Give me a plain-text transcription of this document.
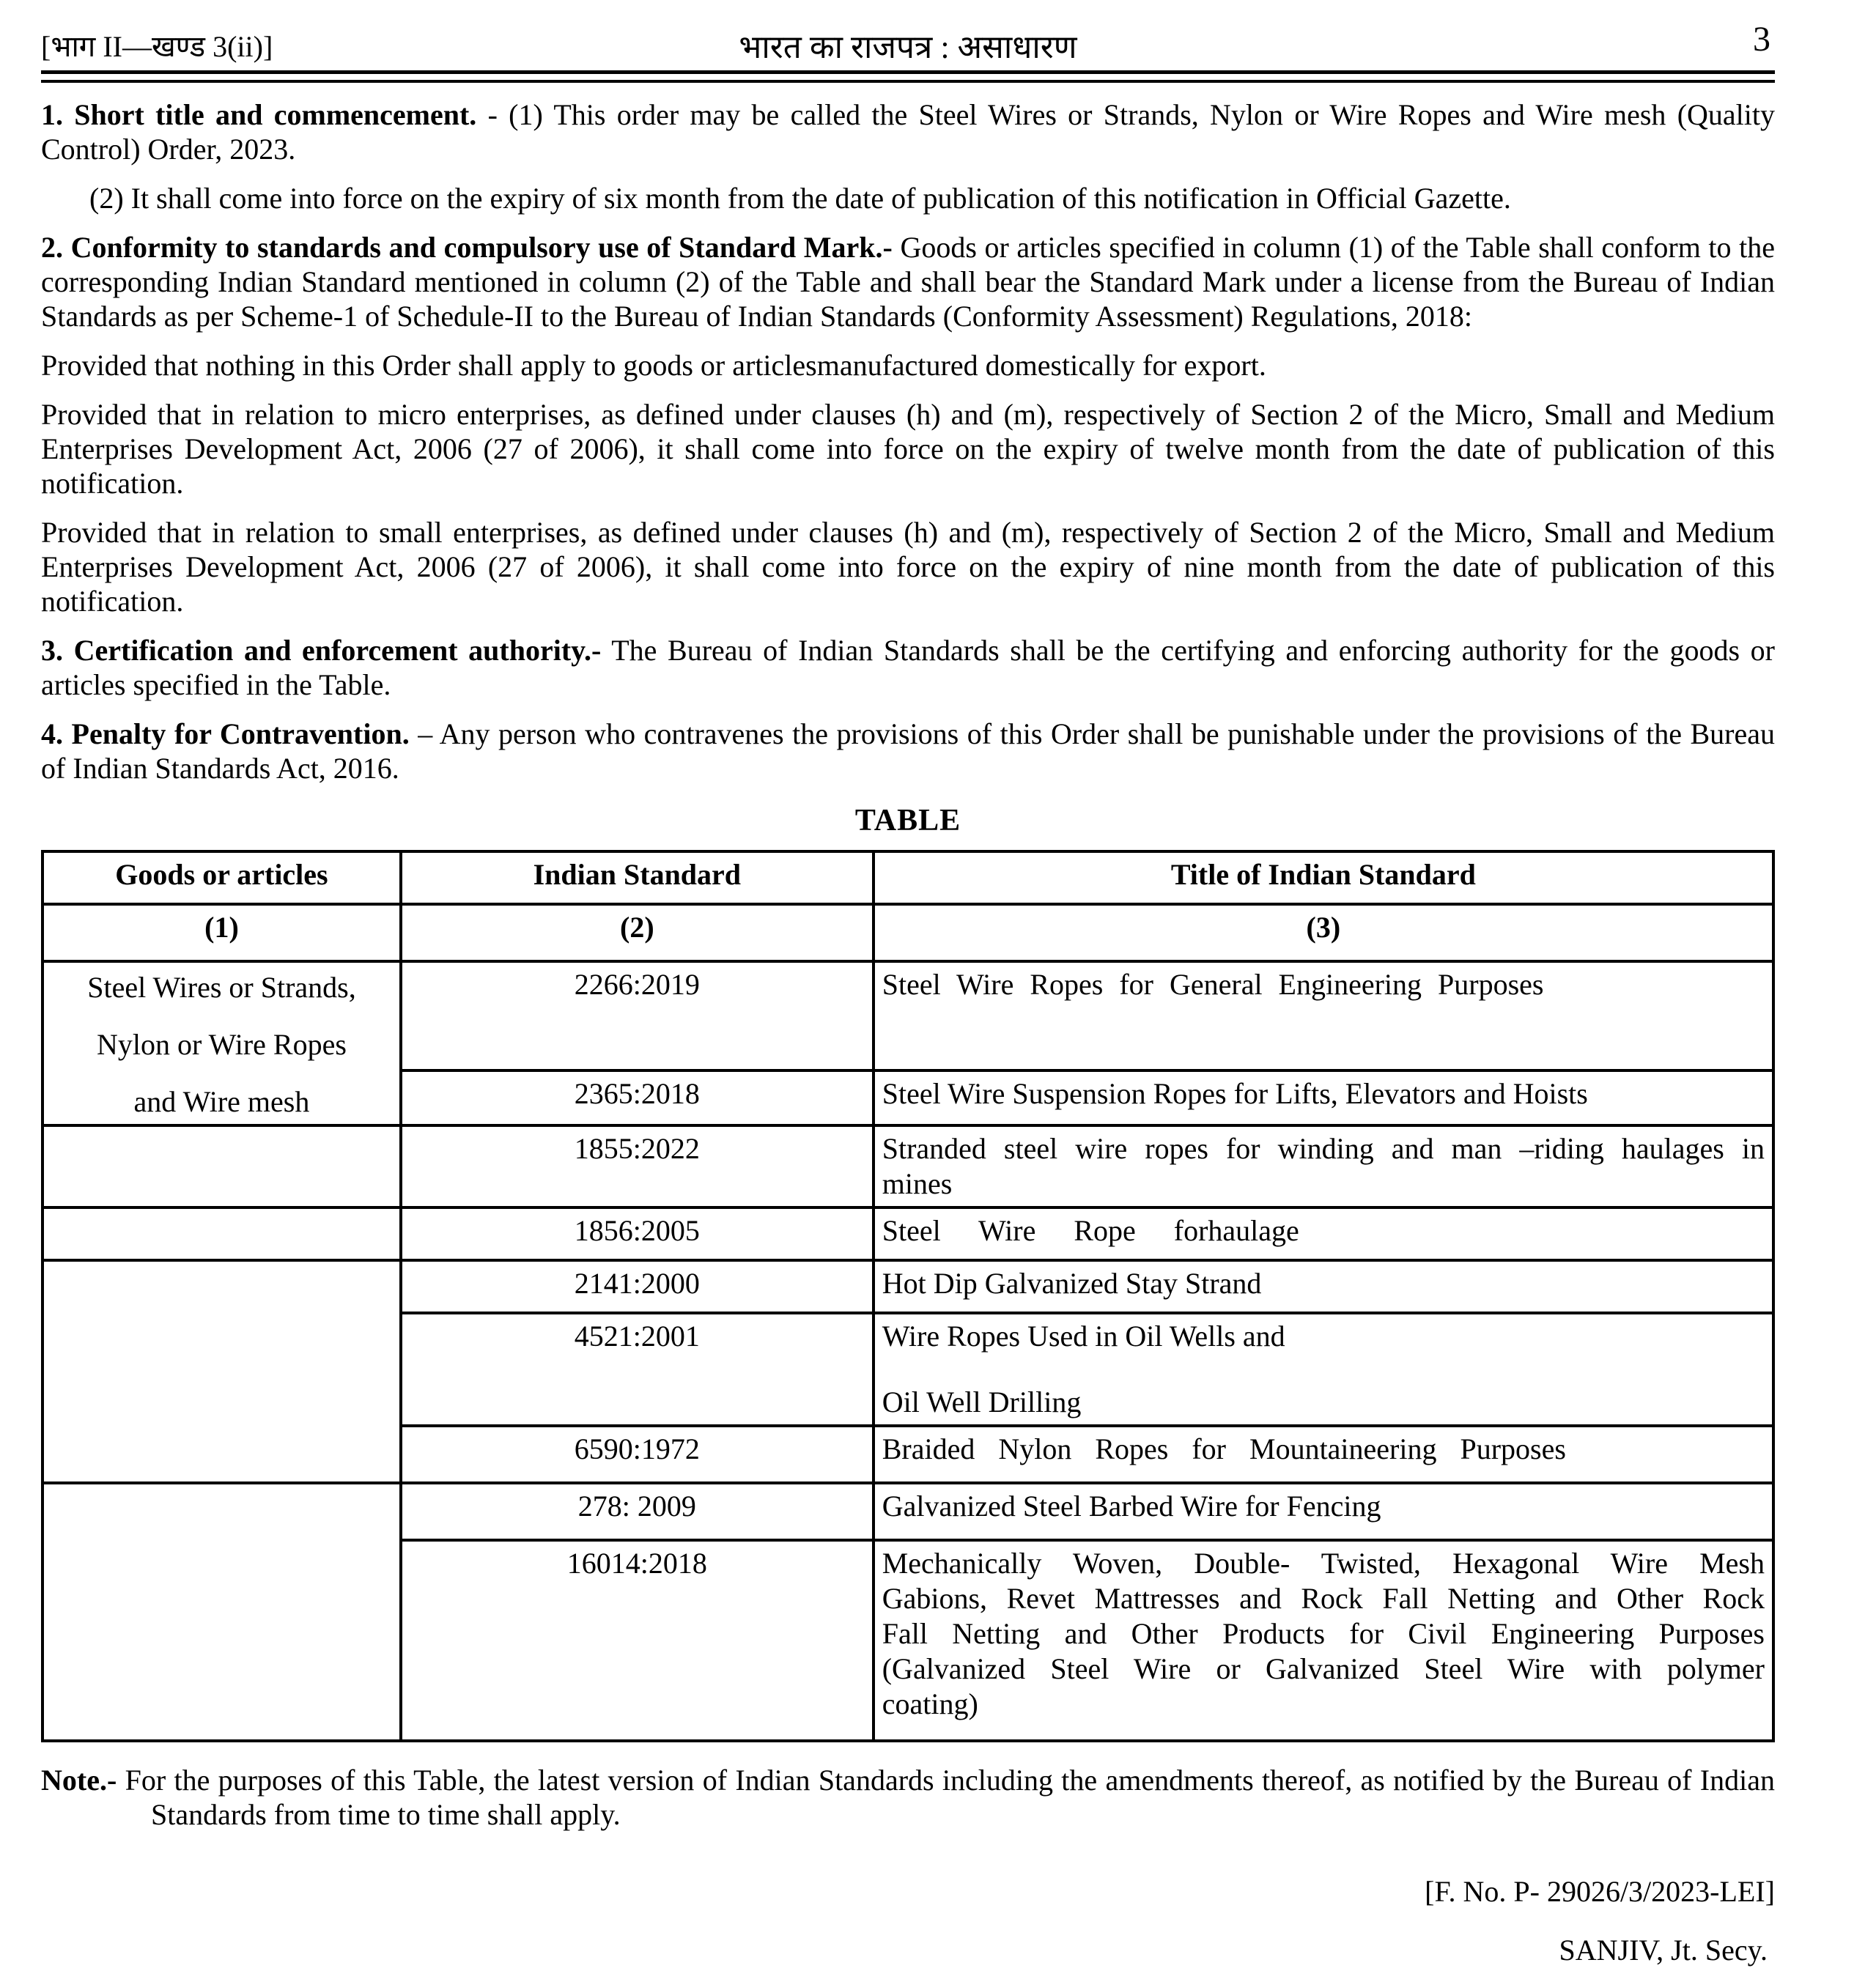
[भाग II—खण्ड 3(ii)]	भारत का राजपत्र : असाधारण	3

1. Short title and commencement. - (1) This order may be called the Steel Wires or Strands, Nylon or Wire Ropes and Wire mesh (Quality Control) Order, 2023.

(2) It shall come into force on the expiry of six month from the date of publication of this notification in Official Gazette.

2. Conformity to standards and compulsory use of Standard Mark.- Goods or articles specified in column (1) of the Table shall conform to the corresponding Indian Standard mentioned in column (2) of the Table and shall bear the Standard Mark under a license from the Bureau of Indian Standards as per Scheme-1 of Schedule-II to the Bureau of Indian Standards (Conformity Assessment) Regulations, 2018:

Provided that nothing in this Order shall apply to goods or articlesmanufactured domestically for export.

Provided that in relation to micro enterprises, as defined under clauses (h) and (m), respectively of Section 2 of the Micro, Small and Medium Enterprises Development Act, 2006 (27 of 2006), it shall come into force on the expiry of twelve month from the date of publication of this notification.

Provided that in relation to small enterprises, as defined under clauses (h) and (m), respectively of Section 2 of the Micro, Small and Medium Enterprises Development Act, 2006 (27 of 2006), it shall come into force on the expiry of nine month from the date of publication of this notification.

3. Certification and enforcement authority.- The Bureau of Indian Standards shall be the certifying and enforcing authority for the goods or articles specified in the Table.

4. Penalty for Contravention. – Any person who contravenes the provisions of this Order shall be punishable under the provisions of the Bureau of Indian Standards Act, 2016.

TABLE
Goods or articles	Indian Standard	Title of Indian Standard
(1)	(2)	(3)

Steel Wires or Strands,
Nylon or Wire Ropes
and Wire mesh	2266:2019	Steel Wire Ropes for General Engineering Purposes
	2365:2018	Steel Wire Suspension Ropes for Lifts, Elevators and Hoists
	1855:2022	Stranded steel wire ropes for winding and man –riding haulages in mines
	1856:2005	Steel Wire Rope forhaulage
	2141:2000	Hot Dip Galvanized Stay Strand
	4521:2001	Wire Ropes Used in Oil Wells and
Oil Well Drilling

	6590:1972	Braided Nylon Ropes for Mountaineering Purposes
	278: 2009	Galvanized Steel Barbed Wire for Fencing
	16014:2018	Mechanically Woven, Double- Twisted, Hexagonal Wire Mesh Gabions, Revet Mattresses and Rock Fall Netting and Other Rock Fall Netting and Other Products for Civil Engineering Purposes (Galvanized Steel Wire or Galvanized Steel Wire with polymer coating)

Note.- For the purposes of this Table, the latest version of Indian Standards including the amendments thereof, as notified by the Bureau of Indian Standards from time to time shall apply.

[F. No. P- 29026/3/2023-LEI]
SANJIV, Jt. Secy.
